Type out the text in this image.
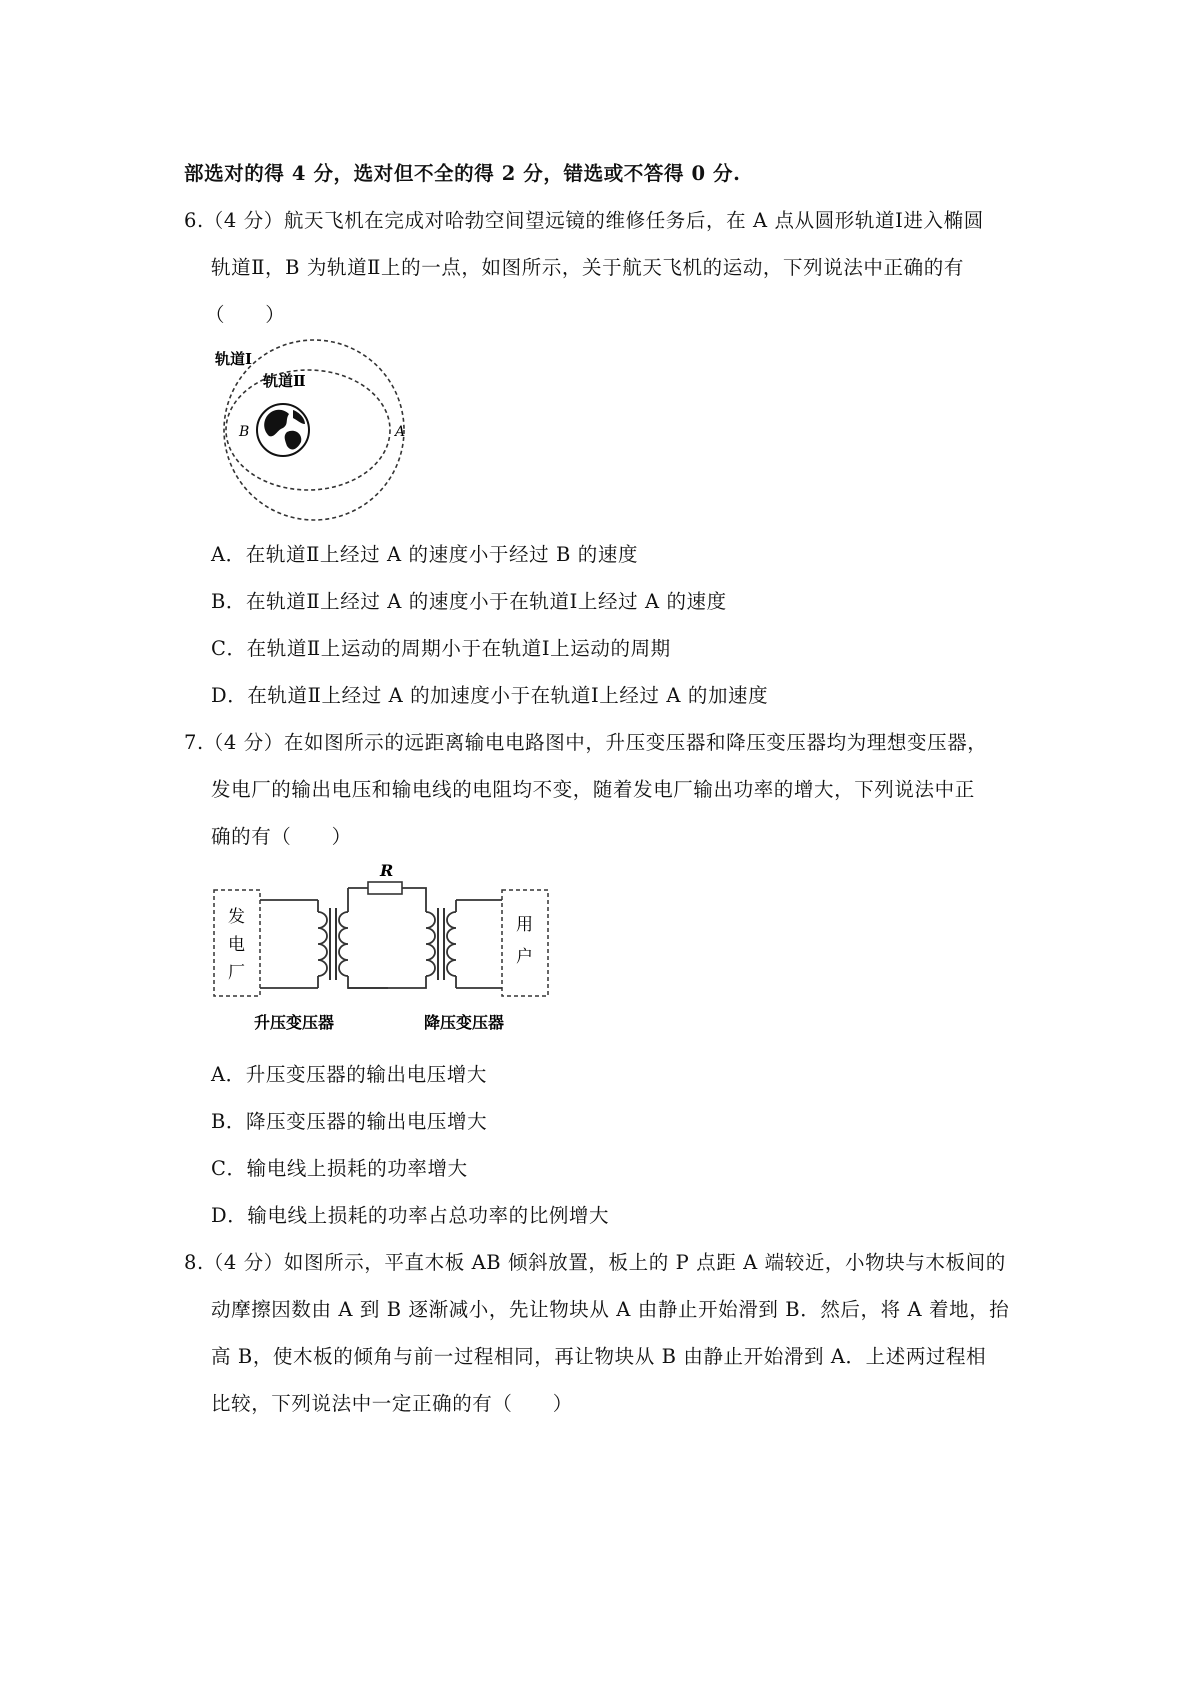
部选对的得 4 分，选对但不全的得 2 分，错选或不答得 0 分.
6.（4 分）航天飞机在完成对哈勃空间望远镜的维修任务后，在 A 点从圆形轨道Ⅰ进入椭圆
轨道Ⅱ，B 为轨道Ⅱ上的一点，如图所示，关于航天飞机的运动，下列说法中正确的有
（　　）
轨道Ⅰ
轨道Ⅱ
B	A
A．在轨道Ⅱ上经过 A 的速度小于经过 B 的速度
B．在轨道Ⅱ上经过 A 的速度小于在轨道Ⅰ上经过 A 的速度
C．在轨道Ⅱ上运动的周期小于在轨道Ⅰ上运动的周期
D．在轨道Ⅱ上经过 A 的加速度小于在轨道Ⅰ上经过 A 的加速度
7.（4 分）在如图所示的远距离输电电路图中，升压变压器和降压变压器均为理想变压器，
发电厂的输出电压和输电线的电阻均不变，随着发电厂输出功率的增大，下列说法中正
确的有（　　）
R
发
电
厂
用
户
升压变压器	降压变压器
A．升压变压器的输出电压增大
B．降压变压器的输出电压增大
C．输电线上损耗的功率增大
D．输电线上损耗的功率占总功率的比例增大
8.（4 分）如图所示，平直木板 AB 倾斜放置，板上的 P 点距 A 端较近，小物块与木板间的
动摩擦因数由 A 到 B 逐渐减小，先让物块从 A 由静止开始滑到 B．然后，将 A 着地，抬
高 B，使木板的倾角与前一过程相同，再让物块从 B 由静止开始滑到 A．上述两过程相
比较，下列说法中一定正确的有（　　）
